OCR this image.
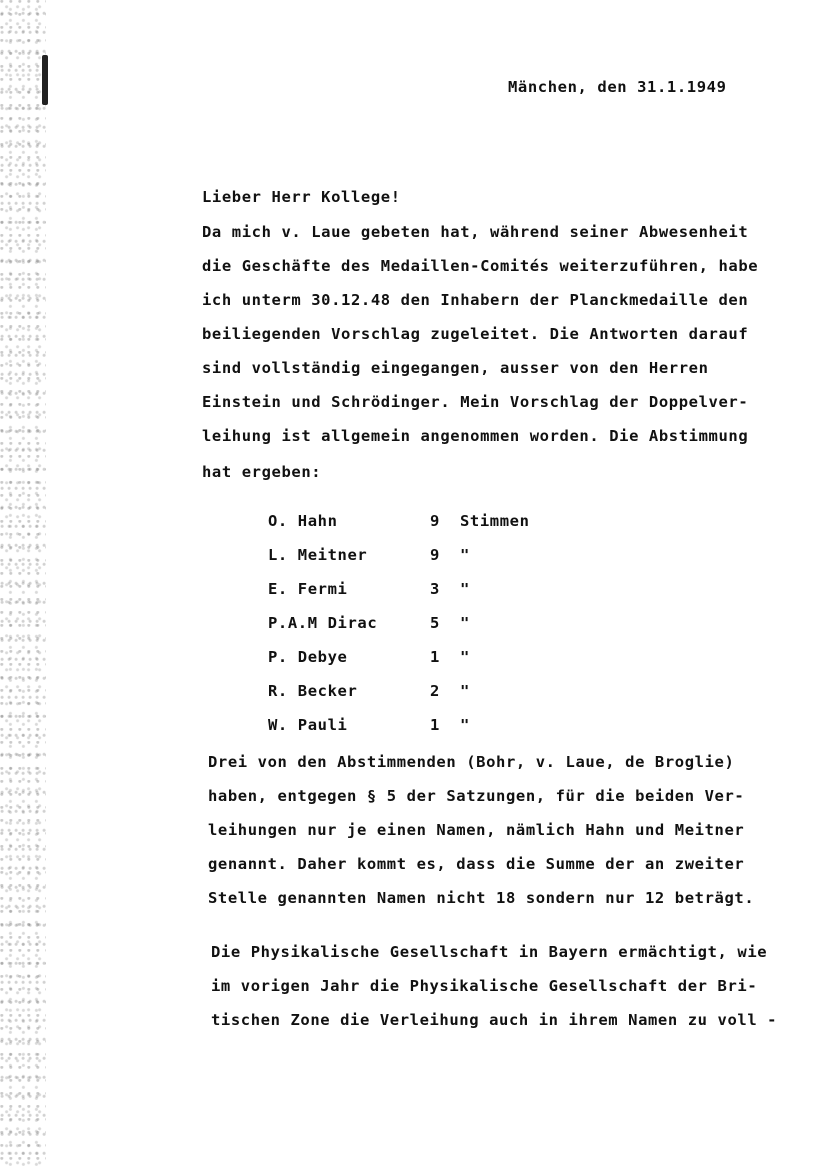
Mänchen, den 31.1.1949
Lieber Herr Kollege!
Da mich v. Laue gebeten hat, während seiner Abwesenheit
die Geschäfte des Medaillen-Comités weiterzuführen, habe
ich unterm 30.12.48 den Inhabern der Planckmedaille den
beiliegenden Vorschlag zugeleitet. Die Antworten darauf
sind vollständig eingegangen, ausser von den Herren
Einstein und Schrödinger. Mein Vorschlag der Doppelver-
leihung ist allgemein angenommen worden. Die Abstimmung
hat ergeben:
O. Hahn	9	Stimmen
L. Meitner	9	"
E. Fermi	3	"
P.A.M Dirac	5	"
P. Debye	1	"
R. Becker	2	"
W. Pauli	1	"
Drei von den Abstimmenden (Bohr, v. Laue, de Broglie)
haben, entgegen § 5 der Satzungen, für die beiden Ver-
leihungen nur je einen Namen, nämlich Hahn und Meitner
genannt. Daher kommt es, dass die Summe der an zweiter
Stelle genannten Namen nicht 18 sondern nur 12 beträgt.
Die Physikalische Gesellschaft in Bayern ermächtigt, wie
im vorigen Jahr die Physikalische Gesellschaft der Bri-
tischen Zone die Verleihung auch in ihrem Namen zu voll -
